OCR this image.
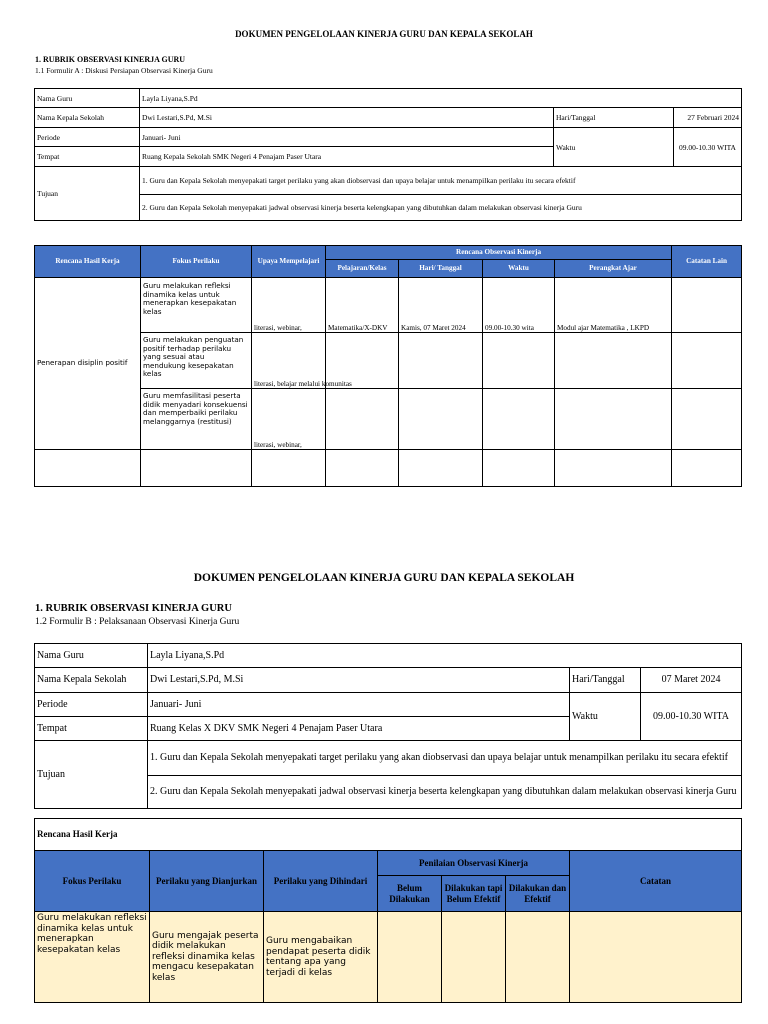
DOKUMEN PENGELOLAAN KINERJA GURU DAN KEPALA SEKOLAH
1. RUBRIK OBSERVASI KINERJA GURU
1.1 Formulir A : Diskusi Persiapan Observasi Kinerja Guru
Nama Guru	Layla Liyana,S.Pd		
Nama Kepala Sekolah	Dwi Lestari,S.Pd, M.Si	Hari/Tanggal	27 Februari 2024
Periode	Januari- Juni	Waktu	09.00-10.30 WITA
Tempat	Ruang Kepala Sekolah SMK Negeri 4 Penajam Paser Utara		
Tujuan	1. Guru dan Kepala Sekolah menyepakati target perilaku yang akan diobservasi dan upaya belajar untuk menampilkan perilaku itu secara efektif		
	2. Guru dan Kepala Sekolah menyepakati jadwal observasi kinerja beserta kelengkapan yang dibutuhkan dalam melakukan observasi kinerja Guru		
Rencana Hasil Kerja	Fokus Perilaku	Upaya Mempelajari	Rencana Observasi Kinerja				Catatan Lain
			Pelajaran/Kelas	Hari/ Tanggal	Waktu	Perangkat Ajar	
Penerapan disiplin positif	Guru melakukan refleksi dinamika kelas untuk menerapkan kesepakatan kelas	literasi, webinar,	Matematika/X-DKV	Kamis, 07 Maret 2024	09.00-10.30 wita	Modul ajar Matematika , LKPD	
	Guru melakukan penguatan positif terhadap perilaku yang sesuai atau mendukung kesepakatan kelas	literasi, belajar melalui komunitas					
	Guru memfasilitasi peserta didik menyadari konsekuensi dan memperbaiki perilaku melanggarnya (restitusi)	literasi, webinar,					

DOKUMEN PENGELOLAAN KINERJA GURU DAN KEPALA SEKOLAH
1. RUBRIK OBSERVASI KINERJA GURU
1.2 Formulir B : Pelaksanaan Observasi Kinerja Guru
Nama Guru	Layla Liyana,S.Pd		
Nama Kepala Sekolah	Dwi Lestari,S.Pd, M.Si	Hari/Tanggal	07 Maret 2024
Periode	Januari- Juni	Waktu	09.00-10.30 WITA
Tempat	Ruang Kelas X DKV SMK Negeri 4 Penajam Paser Utara		
Tujuan	1. Guru dan Kepala Sekolah menyepakati target perilaku yang akan diobservasi dan upaya belajar untuk menampilkan perilaku itu secara efektif		
	2. Guru dan Kepala Sekolah menyepakati jadwal observasi kinerja beserta kelengkapan yang dibutuhkan dalam melakukan observasi kinerja Guru		
Rencana Hasil Kerja						
Fokus Perilaku	Perilaku yang Dianjurkan	Perilaku yang Dihindari	Penilaian Observasi Kinerja			Catatan
			Belum Dilakukan	Dilakukan tapi Belum Efektif	Dilakukan dan Efektif	
Guru melakukan refleksi dinamika kelas untuk menerapkan kesepakatan kelas	Guru mengajak peserta didik melakukan refleksi dinamika kelas mengacu kesepakatan kelas	Guru mengabaikan pendapat peserta didik tentang apa yang terjadi di kelas				
